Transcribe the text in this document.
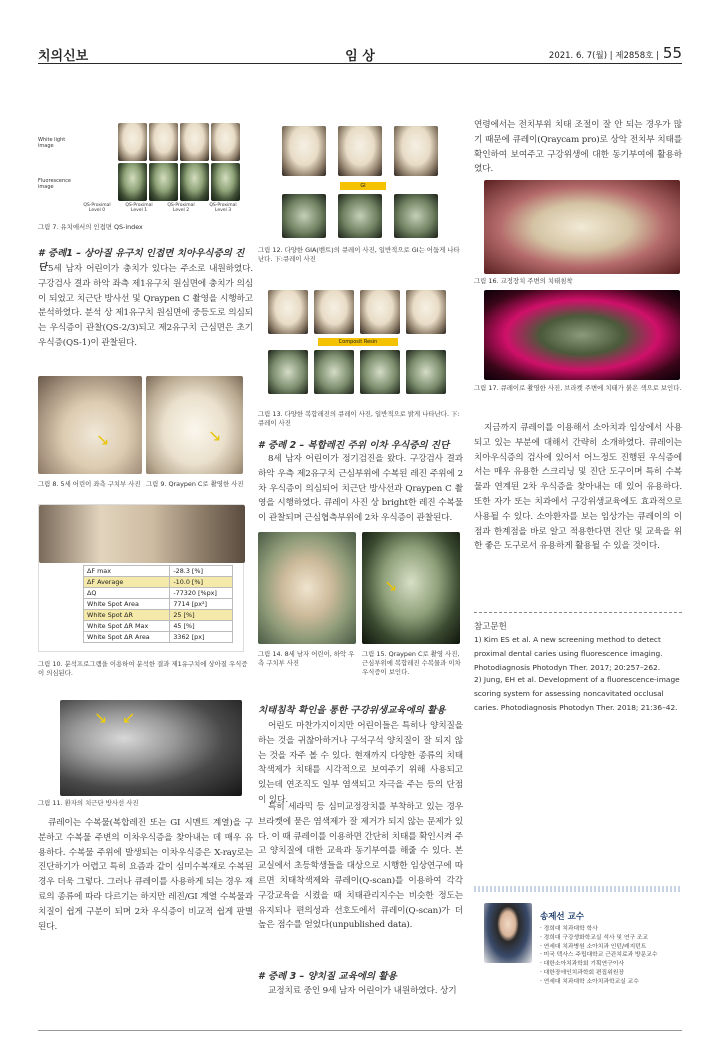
치의신보	임 상	2021. 6. 7(월) | 제2858호 | 55
White light image
Fluorescence image
QS-Proximal Level 0
QS-Proximal Level 1
QS-Proximal Level 2
QS-Proximal Level 3
그림 7. 유치에서의 인접면 QS-index
# 증례1 – 상아질 유구치 인접면 치아우식증의 진단 5세 남자 어린이가 충치가 있다는 주소로 내원하였다. 구강검사 결과 하악 좌측 제1유구치 원심면에 충치가 의심이 되었고 치근단 방사선 및 Qraypen C 촬영을 시행하고 분석하였다. 분석 상 제1유구치 원심면에 중등도로 의심되는 우식증이 관찰(QS-2/3)되고 제2유구치 근심면은 초기 우식증(QS-1)이 관찰된다.
↘	↘
그림 8. 5세 어린이 좌측 구치부 사진 그림 9. Qraypen C로 촬영한 사진
ΔF max	-28.3 [%]
ΔF Average	-10.0 [%]
ΔQ	-77320 [%px]
White Spot Area	7714 [px²]
White Spot ΔR	25 [%]
White Spot ΔR Max	45 [%]
White Spot ΔR Area	3362 [px]
그림 10. 분석프로그램을 이용하여 분석한 결과 제1유구치에 상아질 우식증이 의심된다.
↘ ↙
그림 11. 환자의 치근단 방사선 사진
큐레이는 수복물(복합레진 또는 GI 시멘트 계열)을 구분하고 수복물 주변의 이차우식증을 찾아내는 데 매우 유용하다. 수복물 주위에 발생되는 이차우식증은 X-ray로는 진단하기가 어렵고 특히 요즘과 같이 심미수복재로 수복된 경우 더욱 그렇다. 그러나 큐레이를 사용하게 되는 경우 재료의 종류에 따라 다르기는 하지만 레진/GI 계열 수복물과 치질이 쉽게 구분이 되며 2차 우식증이 비교적 쉽게 판별된다.
GI
그림 12. 다양한 GIA(벤트)의 큐레이 사진, 일반적으로 GI는 어둡게 나타난다. 下:큐레이 사진
Composit Resin
그림 13. 다양한 복합레진의 큐레이 사진, 일반적으로 밝게 나타난다. 下:큐레이 사진
# 증례 2 – 복합레진 주위 이차 우식증의 진단
8세 남자 어린이가 정기검진을 왔다. 구강검사 결과 하악 우측 제2유구치 근심부위에 수복된 레진 주위에 2차 우식증이 의심되어 치근단 방사선과 Qraypen C 촬영을 시행하였다. 큐레이 사진 상 bright한 레진 수복물이 관찰되며 근심협측부위에 2차 우식증이 관찰된다.
↘
그림 14. 8세 남자 어린이, 하악 우측 구치부 사진
그림 15. Qraypen C로 촬영 사진, 근심부위에 복합레진 수복물과 이차우식증이 보인다.
치태침착 확인을 통한 구강위생교육에의 활용
어린도 마찬가지이지만 어린이들은 특히나 양치질을 하는 것을 귀찮아하거나 구석구석 양치질이 잘 되지 않는 것을 자주 볼 수 있다. 현재까지 다양한 종류의 치태착색제가 치태를 시각적으로 보여주기 위해 사용되고 있는데 연조직도 일부 염색되고 자극을 주는 등의 단점이 있다.
특히 세라믹 등 심미교정장치를 부착하고 있는 경우 브라켓에 묻은 염색제가 잘 제거가 되지 않는 문제가 있다. 이 때 큐레이를 이용하면 간단히 치태를 확인시켜 주고 양치질에 대한 교육과 동기부여를 해줄 수 있다. 본 교실에서 초등학생들을 대상으로 시행한 임상연구에 따르면 치태착색제와 큐레이(Q-scan)를 이용하여 각각 구강교육을 시켰을 때 치태관리지수는 비슷한 정도는 유지되나 편의성과 선호도에서 큐레이(Q-scan)가 더 높은 점수를 얻었다(unpublished data).
# 증례 3 – 양치질 교육에의 활용
교정치료 중인 9세 남자 어린이가 내원하였다. 상기
연령에서는 전치부위 치태 조절이 잘 안 되는 경우가 많기 때문에 큐레이(Qraycam pro)로 상악 전치부 치태를 확인하여 보여주고 구강위생에 대한 동기부여에 활용하였다.
그림 16. 교정장치 주변의 치태침착
그림 17. 큐레이로 촬영한 사진, 브라켓 주변에 치태가 붉은 색으로 보인다.
지금까지 큐레이를 이용해서 소아치과 임상에서 사용되고 있는 부분에 대해서 간략히 소개하였다. 큐레이는 치아우식증의 검사에 있어서 어느정도 진행된 우식증에서는 매우 유용한 스크리닝 및 진단 도구이며 특히 수복물과 연계된 2차 우식증을 찾아내는 데 있어 유용하다. 또한 자가 또는 치과에서 구강위생교육에도 효과적으로 사용될 수 있다. 소아환자를 보는 임상가는 큐레이의 이점과 한계점을 바로 알고 적용한다면 진단 및 교육을 위한 좋은 도구로서 유용하게 활용될 수 있을 것이다.
참고문헌
1) Kim ES et al. A new screening method to detect proximal dental caries using fluorescence imaging. Photodiagnosis Photodyn Ther. 2017; 20:257–262.
2) Jung, EH et al. Development of a fluorescence-image scoring system for assessing noncavitated occlusal caries. Photodiagnosis Photodyn Ther. 2018; 21:36–42.
송제선 교수
· 경희대 치과대학 학사
· 경희대 구강생화학교실 석사 및 연구 조교
· 연세대 치과병원 소아치과 인턴/레지던트
· 미국 텍사스 주립대학교 근관치료과 방문교수
· 대한소아치과학회 기획연구이사
· 대한장애인치과학회 편집위원장
· 연세대 치과대학 소아치과학교실 교수
